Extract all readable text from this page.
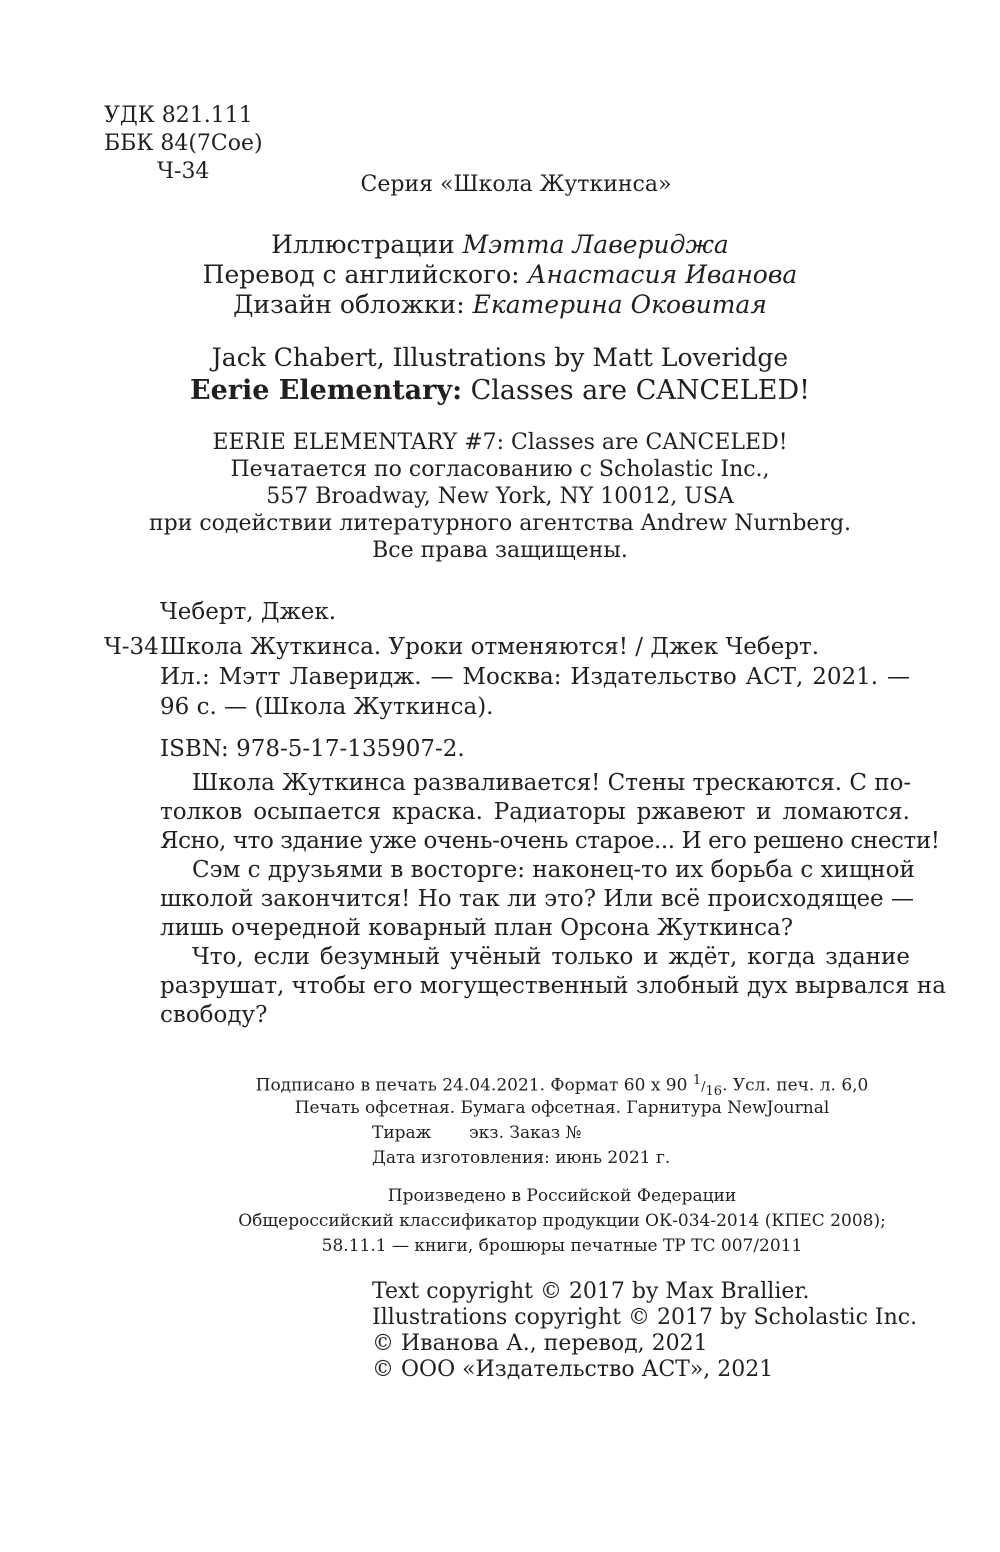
УДК 821.111
ББК 84(7Сое)
Ч-34
Серия «Школа Жуткинса»
Иллюстрации Мэтта Лавериджа
Перевод с английского: Анастасия Иванова
Дизайн обложки: Екатерина Оковитая
Jack Chabert, Illustrations by Matt Loveridge
Eerie Elementary: Classes are CANCELED!
EERIE ELEMENTARY #7: Classes are CANCELED!
Печатается по согласованию с Scholastic Inc.,
557 Broadway, New York, NY 10012, USA
при содействии литературного агентства Andrew Nurnberg.
Все права защищены.
Чеберт, Джек.
Ч-34 Школа Жуткинса. Уроки отменяются! / Джек Чеберт.
Ил.: Мэтт Лаверидж. — Москва: Издательство АСТ, 2021. —
96 с. — (Школа Жуткинса).
ISBN: 978-5-17-135907-2.
Школа Жуткинса разваливается! Стены трескаются. С по-
толков осыпается краска. Радиаторы ржавеют и ломаются.
Ясно, что здание уже очень-очень старое... И его решено снести!
Сэм с друзьями в восторге: наконец-то их борьба с хищной
школой закончится! Но так ли это? Или всё происходящее —
лишь очередной коварный план Орсона Жуткинса?
Что, если безумный учёный только и ждёт, когда здание
разрушат, чтобы его могущественный злобный дух вырвался на
свободу?
Подписано в печать 24.04.2021. Формат 60 х 90 $^1/_{16}$. Усл. печ. л. 6,0
Печать офсетная. Бумага офсетная. Гарнитура NewJournal
Тираж       экз. Заказ №
Дата изготовления: июнь 2021 г.
Произведено в Российской Федерации
Общероссийский классификатор продукции ОК-034-2014 (КПЕС 2008);
58.11.1 — книги, брошюры печатные ТР ТС 007/2011
Text copyright © 2017 by Max Brallier.
Illustrations copyright © 2017 by Scholastic Inc.
© Иванова А., перевод, 2021
© ООО «Издательство АСТ», 2021
